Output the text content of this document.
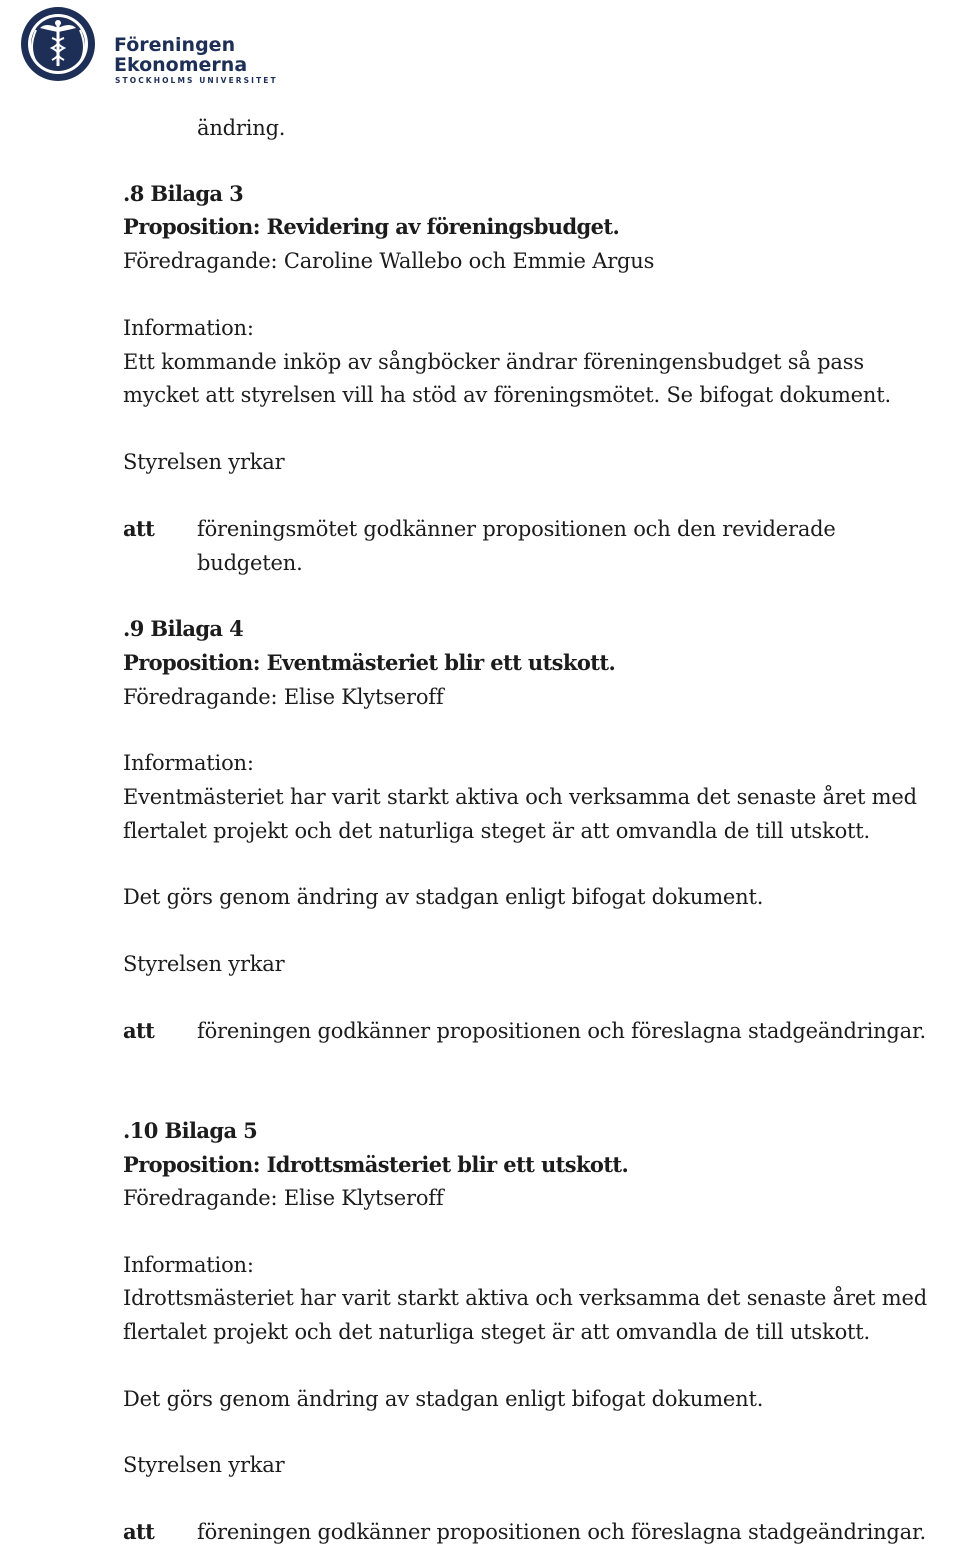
Föreningen
Ekonomerna
STOCKHOLMS UNIVERSITET
ändring.
.8 Bilaga 3
Proposition: Revidering av föreningsbudget.
Föredragande: Caroline Wallebo och Emmie Argus
Information:
Ett kommande inköp av sångböcker ändrar föreningensbudget så pass
mycket att styrelsen vill ha stöd av föreningsmötet. Se bifogat dokument.
Styrelsen yrkar
att föreningsmötet godkänner propositionen och den reviderade
budgeten.
.9 Bilaga 4
Proposition: Eventmästeriet blir ett utskott.
Föredragande: Elise Klytseroff
Information:
Eventmästeriet har varit starkt aktiva och verksamma det senaste året med
flertalet projekt och det naturliga steget är att omvandla de till utskott.
Det görs genom ändring av stadgan enligt bifogat dokument.
Styrelsen yrkar
att föreningen godkänner propositionen och föreslagna stadgeändringar.
.10 Bilaga 5
Proposition: Idrottsmästeriet blir ett utskott.
Föredragande: Elise Klytseroff
Information:
Idrottsmästeriet har varit starkt aktiva och verksamma det senaste året med
flertalet projekt och det naturliga steget är att omvandla de till utskott.
Det görs genom ändring av stadgan enligt bifogat dokument.
Styrelsen yrkar
att föreningen godkänner propositionen och föreslagna stadgeändringar.
